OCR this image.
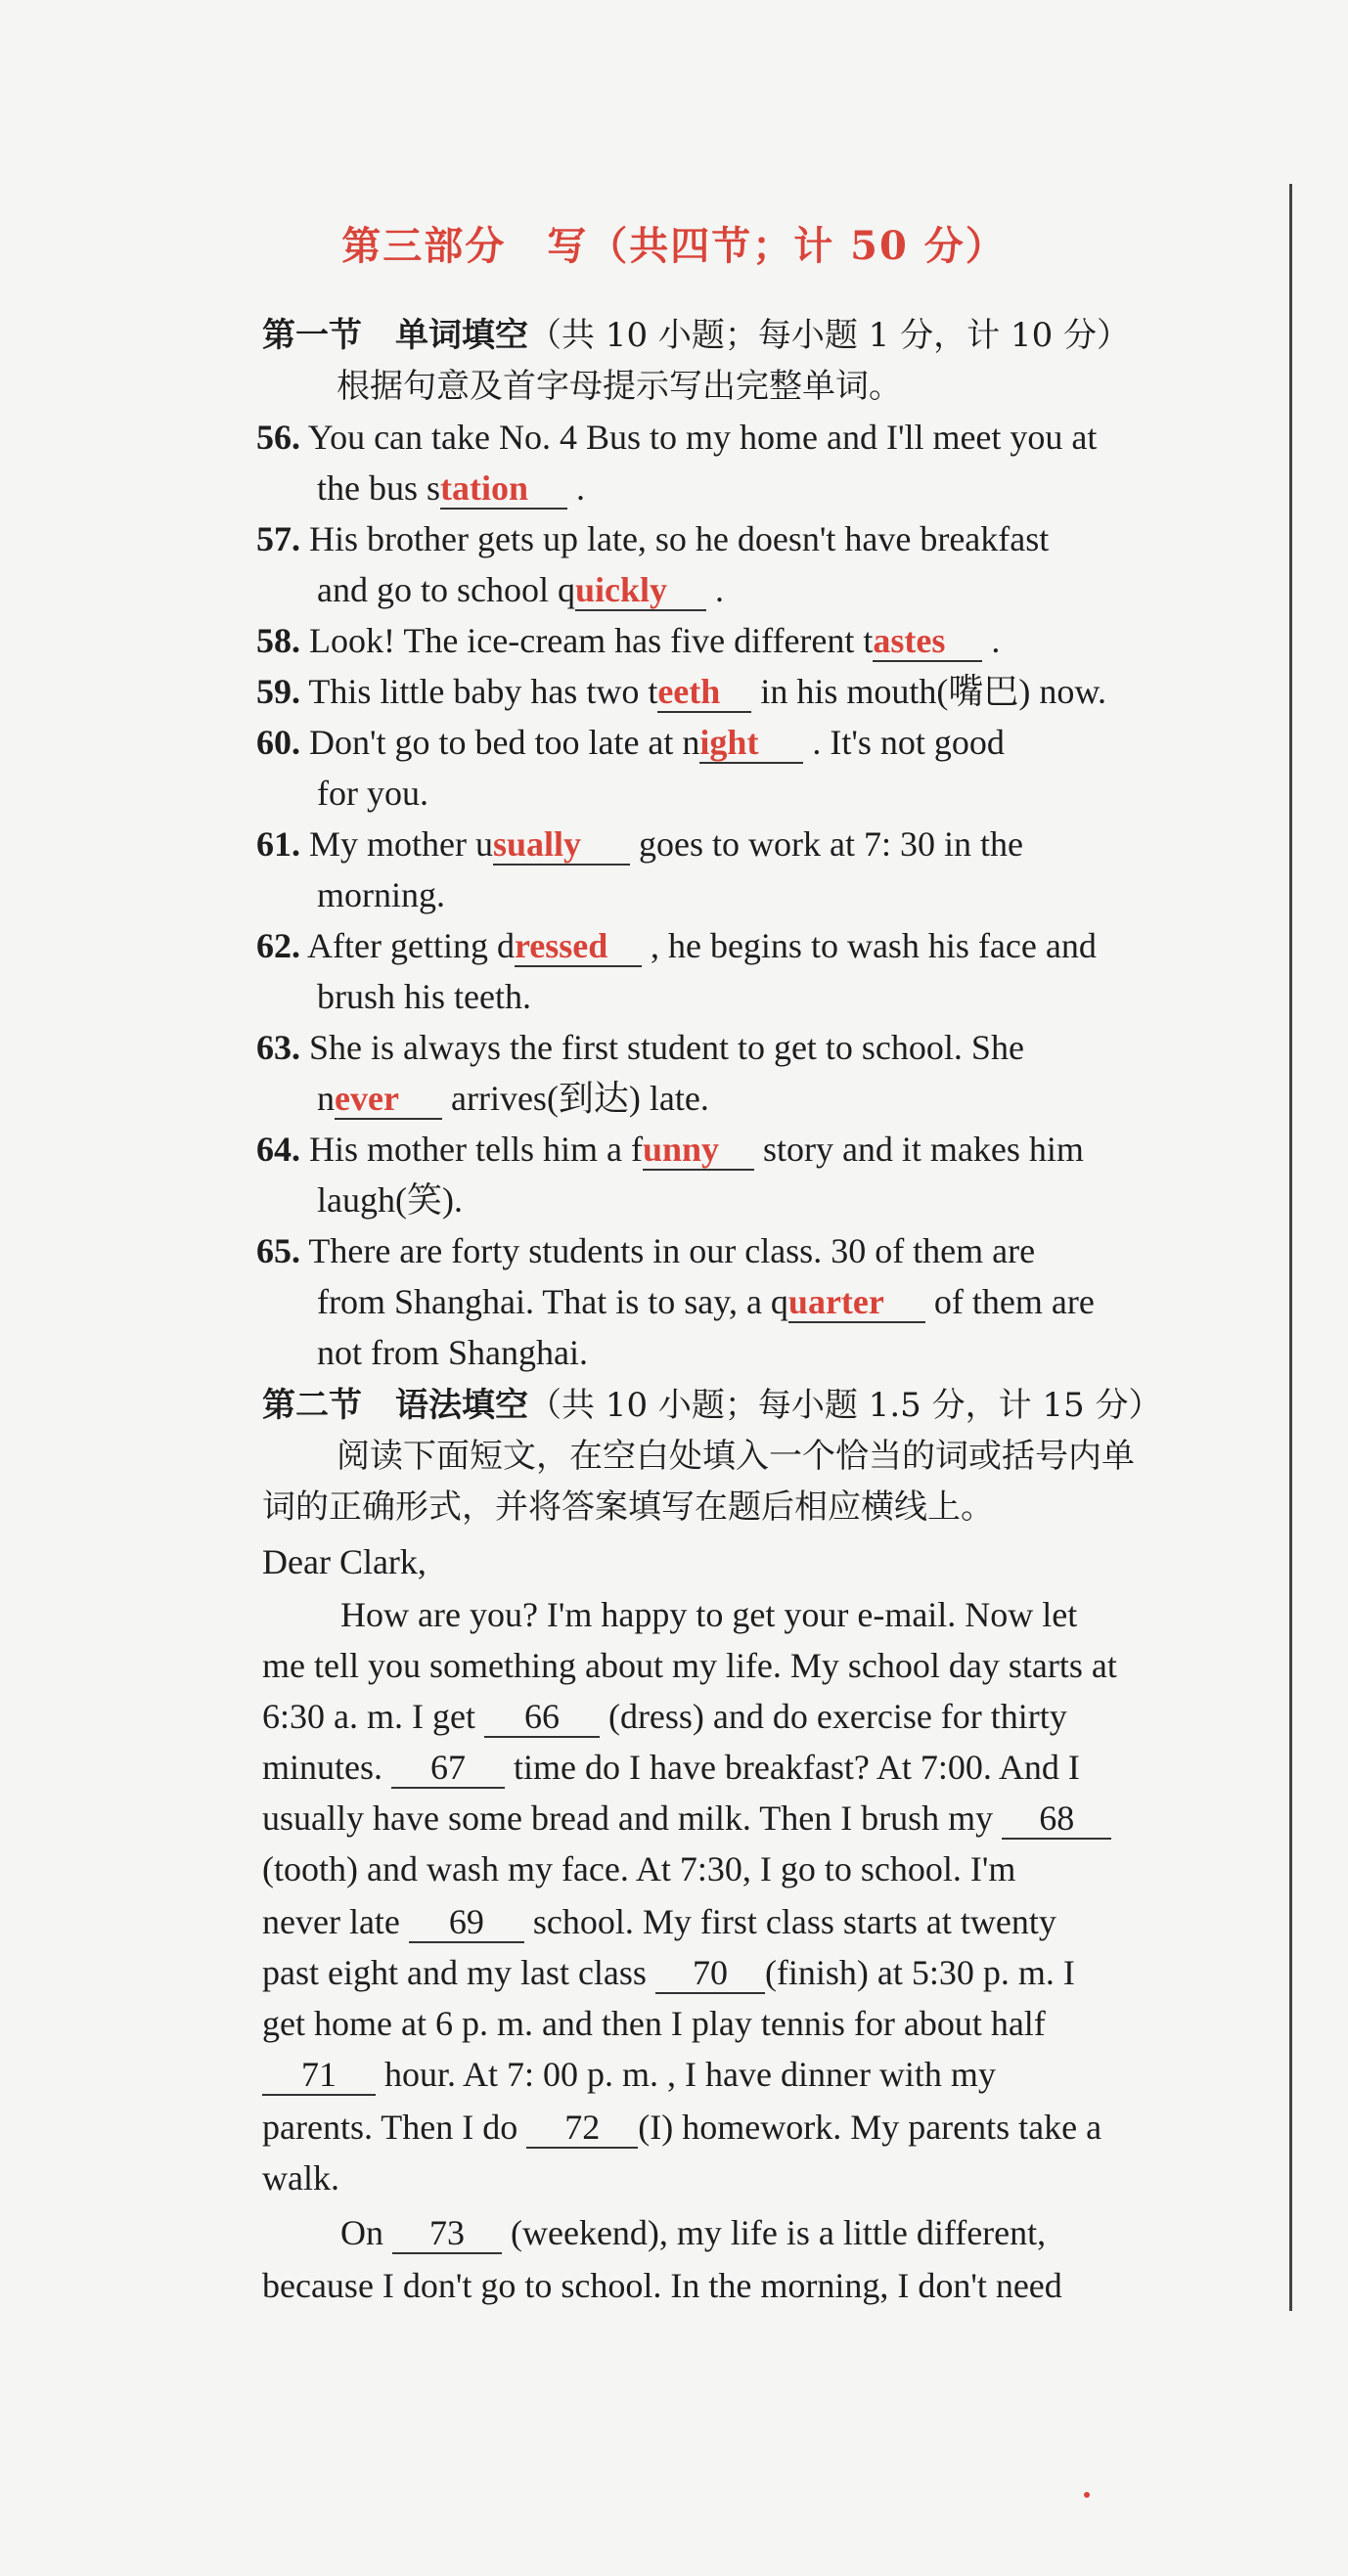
第三部分　写（共四节；计 50 分）
第一节　单词填空（共 10 小题；每小题 1 分，计 10 分）
根据句意及首字母提示写出完整单词。
56. You can take No. 4 Bus to my home and I'll meet you at
the bus station .
57. His brother gets up late, so he doesn't have breakfast
and go to school quickly .
58. Look! The ice-cream has five different tastes .
59. This little baby has two teeth in his mouth(嘴巴) now.
60. Don't go to bed too late at night . It's not good
for you.
61. My mother usually goes to work at 7: 30 in the
morning.
62. After getting dressed , he begins to wash his face and
brush his teeth.
63. She is always the first student to get to school. She
never arrives(到达) late.
64. His mother tells him a funny story and it makes him
laugh(笑).
65. There are forty students in our class. 30 of them are
from Shanghai. That is to say, a quarter of them are
not from Shanghai.
第二节　语法填空（共 10 小题；每小题 1.5 分，计 15 分）
阅读下面短文，在空白处填入一个恰当的词或括号内单
词的正确形式，并将答案填写在题后相应横线上。
Dear Clark,
How are you? I'm happy to get your e-mail. Now let
me tell you something about my life. My school day starts at
6:30 a. m. I get 66 (dress) and do exercise for thirty
minutes. 67 time do I have breakfast? At 7:00. And I
usually have some bread and milk. Then I brush my 68
(tooth) and wash my face. At 7:30, I go to school. I'm
never late 69 school. My first class starts at twenty
past eight and my last class 70 (finish) at 5:30 p. m. I
get home at 6 p. m. and then I play tennis for about half
71 hour. At 7: 00 p. m. , I have dinner with my
parents. Then I do 72 (I) homework. My parents take a
walk.
On 73 (weekend), my life is a little different,
because I don't go to school. In the morning, I don't need
